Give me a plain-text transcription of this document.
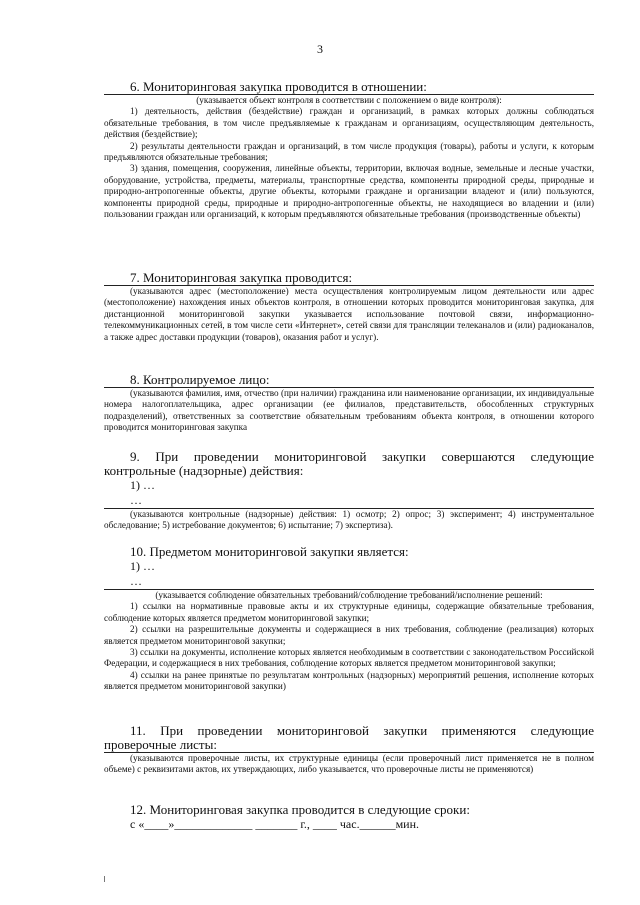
3
6. Мониторинговая закупка проводится в отношении:
(указывается объект контроля в соответствии с положением о виде контроля):
1) деятельность, действия (бездействие) граждан и организаций, в рамках которых должны соблюдаться обязательные требования, в том числе предъявляемые к гражданам и организациям, осуществляющим деятельность, действия (бездействие);
2) результаты деятельности граждан и организаций, в том числе продукция (товары), работы и услуги, к которым предъявляются обязательные требования;
3) здания, помещения, сооружения, линейные объекты, территории, включая водные, земельные и лесные участки, оборудование, устройства, предметы, материалы, транспортные средства, компоненты природной среды, природные и природно-антропогенные объекты, другие объекты, которыми граждане и организации владеют и (или) пользуются, компоненты природной среды, природные и природно-антропогенные объекты, не находящиеся во владении и (или) пользовании граждан или организаций, к которым предъявляются обязательные требования (производственные объекты)
7. Мониторинговая закупка проводится:
(указываются адрес (местоположение) места осуществления контролируемым лицом деятельности или адрес (местоположение) нахождения иных объектов контроля, в отношении которых проводится мониторинговая закупка, для дистанционной мониторинговой закупки указывается использование почтовой связи, информационно-телекоммуникационных сетей, в том числе сети «Интернет», сетей связи для трансляции телеканалов и (или) радиоканалов, а также адрес доставки продукции (товаров), оказания работ и услуг).
8. Контролируемое лицо:
(указываются фамилия, имя, отчество (при наличии) гражданина или наименование организации, их индивидуальные номера налогоплательщика, адрес организации (ее филиалов, представительств, обособленных структурных подразделений), ответственных за соответствие обязательным требованиям объекта контроля, в отношении которого проводится мониторинговая закупка
9. При проведении мониторинговой закупки совершаются следующие контрольные (надзорные) действия:
1) …
…
(указываются контрольные (надзорные) действия: 1) осмотр; 2) опрос; 3) эксперимент; 4) инструментальное обследование; 5) истребование документов; 6) испытание; 7) экспертиза).
10. Предметом мониторинговой закупки является:
1) …
…
(указывается соблюдение обязательных требований/соблюдение требований/исполнение решений:
1) ссылки на нормативные правовые акты и их структурные единицы, содержащие обязательные требования, соблюдение которых является предметом мониторинговой закупки;
2) ссылки на разрешительные документы и содержащиеся в них требования, соблюдение (реализация) которых является предметом мониторинговой закупки;
3) ссылки на документы, исполнение которых является необходимым в соответствии с законодательством Российской Федерации, и содержащиеся в них требования, соблюдение которых является предметом мониторинговой закупки;
4) ссылки на ранее принятые по результатам контрольных (надзорных) мероприятий решения, исполнение которых является предметом мониторинговой закупки)
11. При проведении мониторинговой закупки применяются следующие проверочные листы:
(указываются проверочные листы, их структурные единицы (если проверочный лист применяется не в полном объеме) с реквизитами актов, их утверждающих, либо указывается, что проверочные листы не применяются)
12. Мониторинговая закупка проводится в следующие сроки:
с «____»_____________ _______ г., ____ час.______мин.
